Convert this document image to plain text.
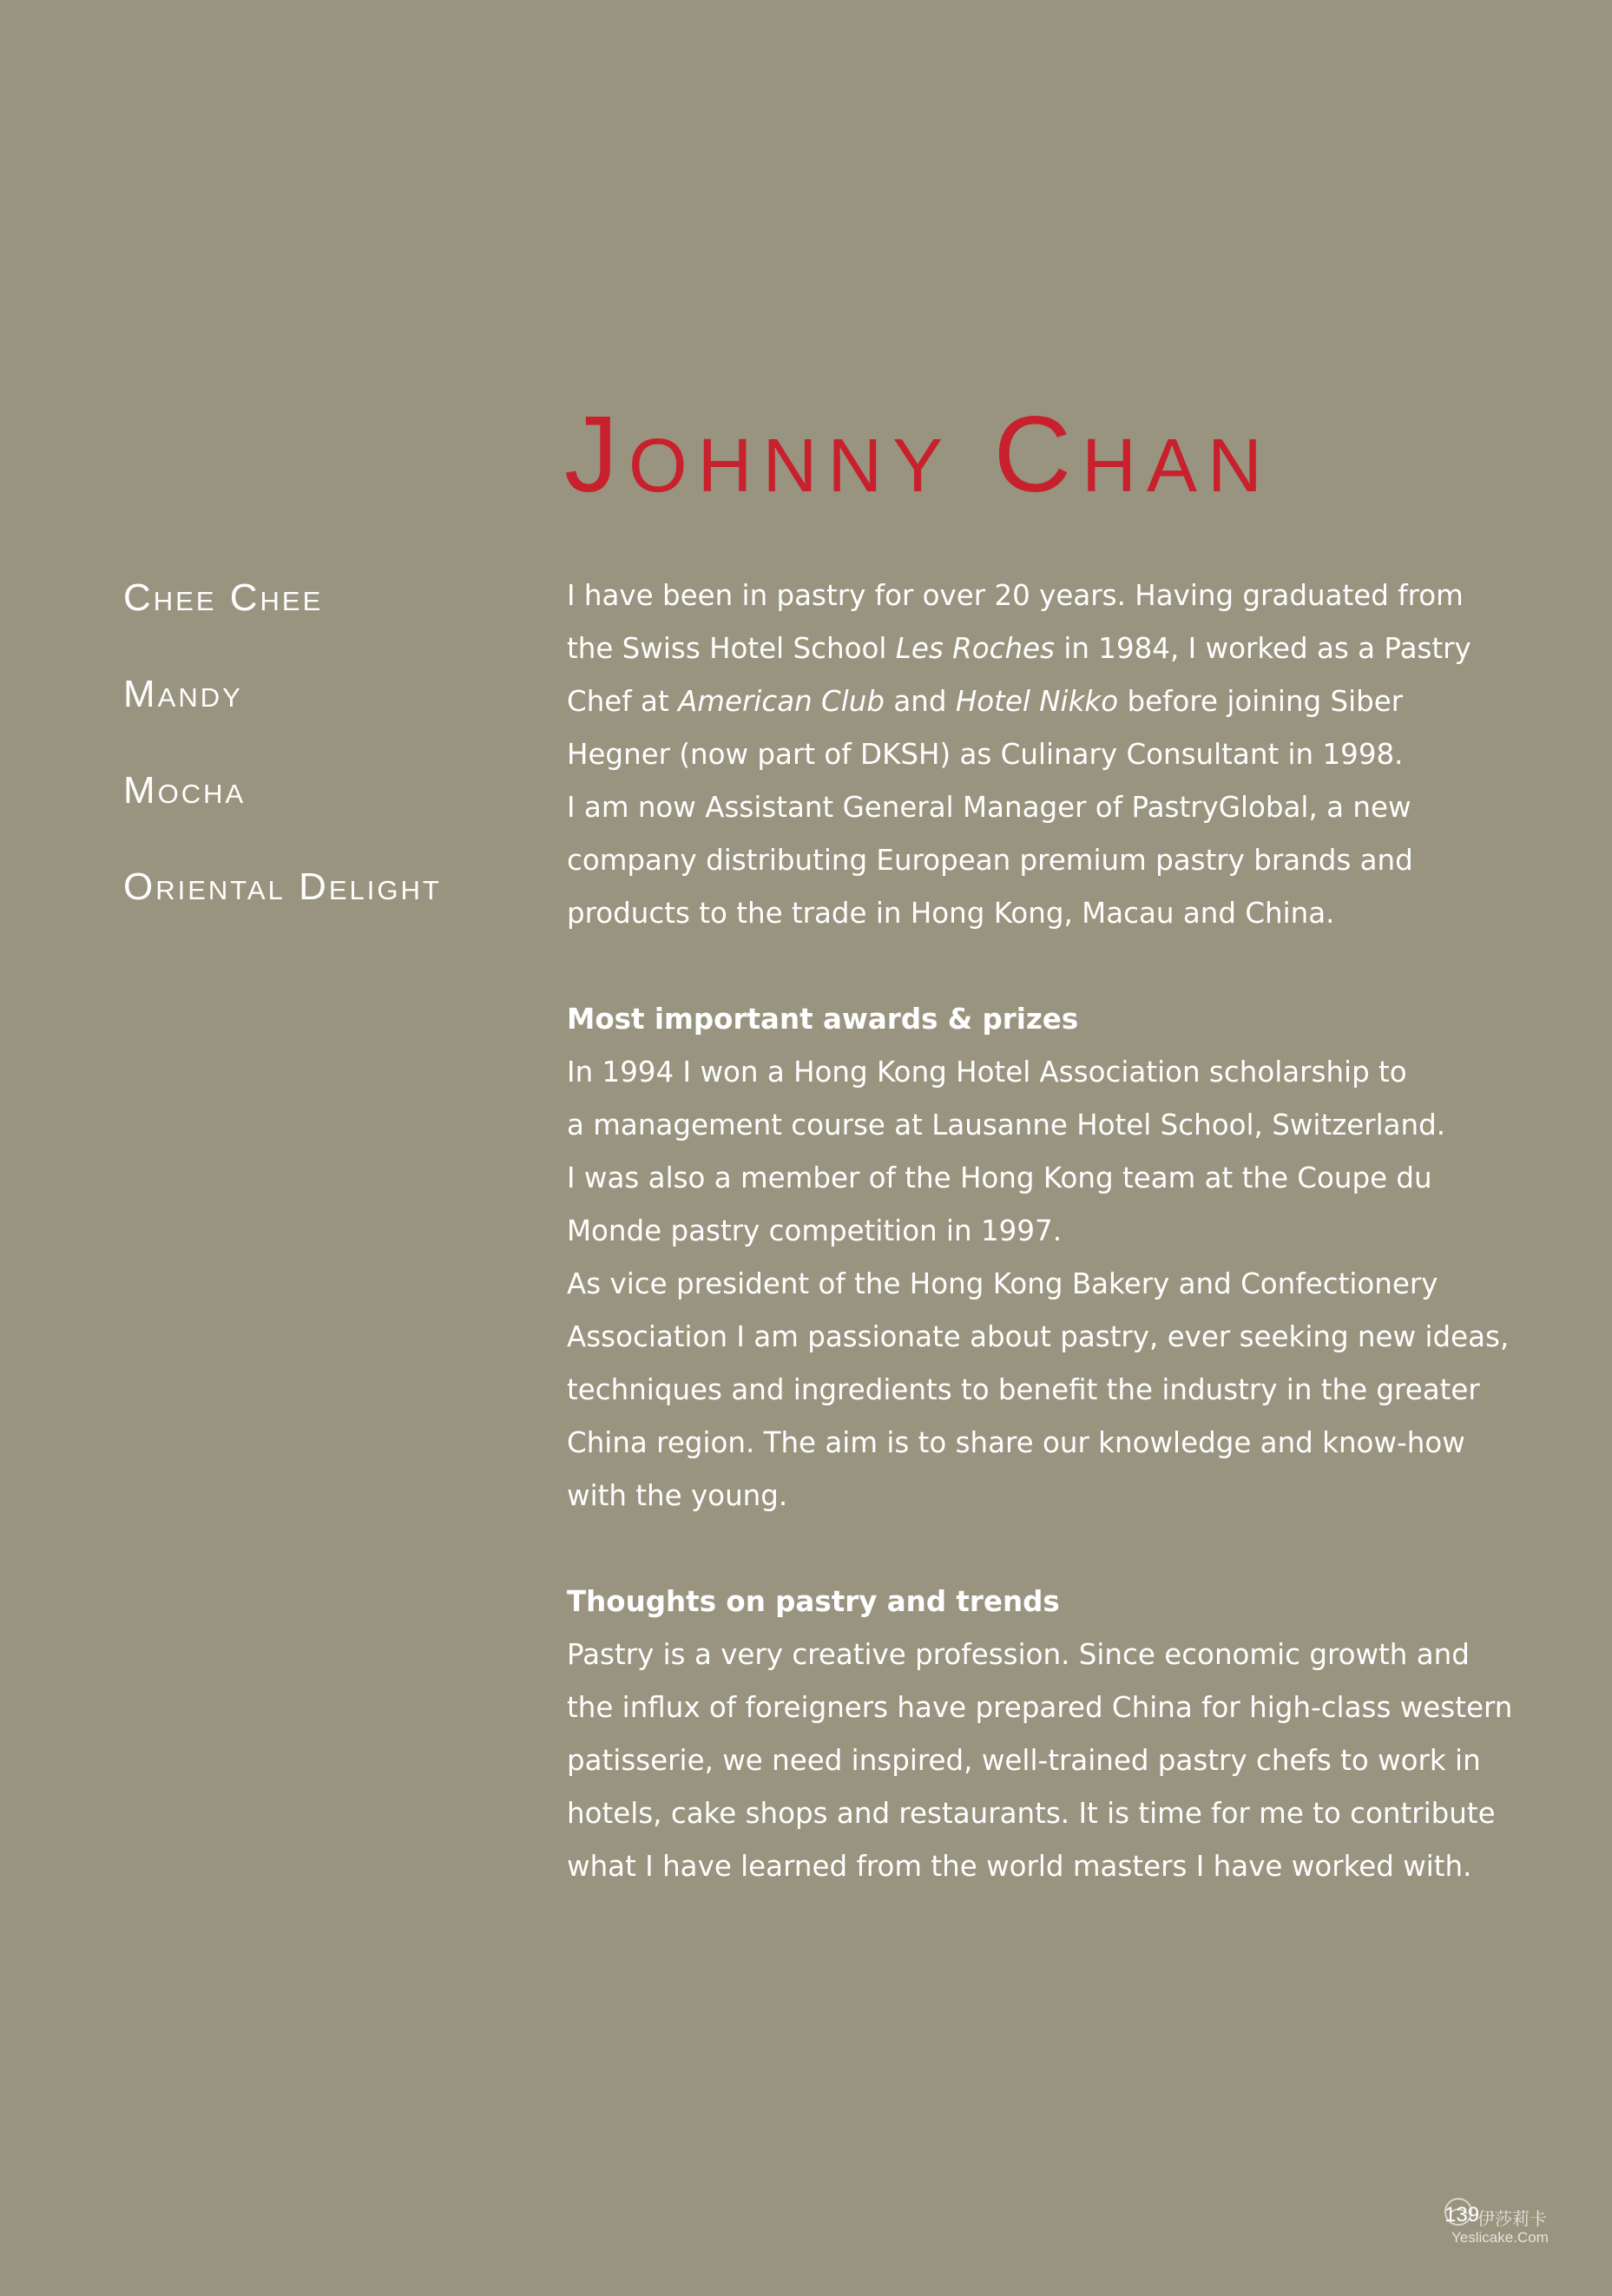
Johnny Chan
Chee Chee
Mandy
Mocha
Oriental Delight
I have been in pastry for over 20 years. Having graduated from
the Swiss Hotel School Les Roches in 1984, I worked as a Pastry
Chef at American Club and Hotel Nikko before joining Siber
Hegner (now part of DKSH) as Culinary Consultant in 1998.
I am now Assistant General Manager of PastryGlobal, a new
company distributing European premium pastry brands and
products to the trade in Hong Kong, Macau and China.
Most important awards & prizes
In 1994 I won a Hong Kong Hotel Association scholarship to
a management course at Lausanne Hotel School, Switzerland.
I was also a member of the Hong Kong team at the Coupe du
Monde pastry competition in 1997.
As vice president of the Hong Kong Bakery and Confectionery
Association I am passionate about pastry, ever seeking new ideas,
techniques and ingredients to benefit the industry in the greater
China region. The aim is to share our knowledge and know-how
with the young.
Thoughts on pastry and trends
Pastry is a very creative profession. Since economic growth and
the influx of foreigners have prepared China for high-class western
patisserie, we need inspired, well-trained pastry chefs to work in
hotels, cake shops and restaurants. It is time for me to contribute
what I have learned from the world masters I have worked with.
伊莎莉卡
Yeslicake.Com
139
